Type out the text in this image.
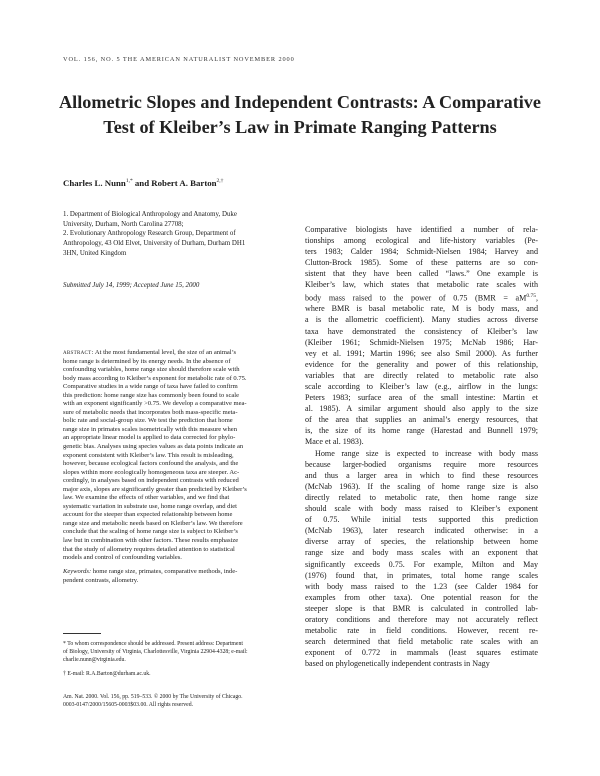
VOL. 156, NO. 5 THE AMERICAN NATURALIST NOVEMBER 2000
Allometric Slopes and Independent Contrasts: A Comparative
Test of Kleiber’s Law in Primate Ranging Patterns
Charles L. Nunn$^{1,*}$ and Robert A. Barton$^{2,\dagger}$
1. Department of Biological Anthropology and Anatomy, Duke
University, Durham, North Carolina 27708;
2. Evolutionary Anthropology Research Group, Department of
Anthropology, 43 Old Elvet, University of Durham, Durham DH1
3HN, United Kingdom
Submitted July 14, 1999; Accepted June 15, 2000
abstract: At the most fundamental level, the size of an animal’s
home range is determined by its energy needs. In the absence of
confounding variables, home range size should therefore scale with
body mass according to Kleiber’s exponent for metabolic rate of 0.75.
Comparative studies in a wide range of taxa have failed to confirm
this prediction: home range size has commonly been found to scale
with an exponent significantly >0.75. We develop a comparative mea-
sure of metabolic needs that incorporates both mass-specific meta-
bolic rate and social-group size. We test the prediction that home
range size in primates scales isometrically with this measure when
an appropriate linear model is applied to data corrected for phylo-
genetic bias. Analyses using species values as data points indicate an
exponent consistent with Kleiber’s law. This result is misleading,
however, because ecological factors confound the analysis, and the
slopes within more ecologically homogeneous taxa are steeper. Ac-
cordingly, in analyses based on independent contrasts with reduced
major axis, slopes are significantly greater than predicted by Kleiber’s
law. We examine the effects of other variables, and we find that
systematic variation in substrate use, home range overlap, and diet
account for the steeper than expected relationship between home
range size and metabolic needs based on Kleiber’s law. We therefore
conclude that the scaling of home range size is subject to Kleiber’s
law but in combination with other factors. These results emphasize
that the study of allometry requires detailed attention to statistical
models and control of confounding variables.
Keywords: home range size, primates, comparative methods, inde-
pendent contrasts, allometry.
* To whom correspondence should be addressed. Present address: Department
of Biology, University of Virginia, Charlottesville, Virginia 22904-4328; e-mail:
charlie.nunn@virginia.edu.
† E-mail: R.A.Barton@durham.ac.uk.
Am. Nat. 2000. Vol. 156, pp. 519–533. © 2000 by The University of Chicago.
0003-0147/2000/15605-0003$03.00. All rights reserved.
Comparative biologists have identified a number of rela-
tionships among ecological and life-history variables (Pe-
ters 1983; Calder 1984; Schmidt-Nielsen 1984; Harvey and
Clutton-Brock 1985). Some of these patterns are so con-
sistent that they have been called “laws.” One example is
Kleiber’s law, which states that metabolic rate scales with
body mass raised to the power of 0.75 ($BMR = aM^{0.75}$,
where BMR is basal metabolic rate, M is body mass, and
a is the allometric coefficient). Many studies across diverse
taxa have demonstrated the consistency of Kleiber’s law
(Kleiber 1961; Schmidt-Nielsen 1975; McNab 1986; Har-
vey et al. 1991; Martin 1996; see also Smil 2000). As further
evidence for the generality and power of this relationship,
variables that are directly related to metabolic rate also
scale according to Kleiber’s law (e.g., airflow in the lungs:
Peters 1983; surface area of the small intestine: Martin et
al. 1985). A similar argument should also apply to the size
of the area that supplies an animal’s energy resources, that
is, the size of its home range (Harestad and Bunnell 1979;
Mace et al. 1983).
Home range size is expected to increase with body mass
because larger-bodied organisms require more resources
and thus a larger area in which to find these resources
(McNab 1963). If the scaling of home range size is also
directly related to metabolic rate, then home range size
should scale with body mass raised to Kleiber’s exponent
of 0.75. While initial tests supported this prediction
(McNab 1963), later research indicated otherwise: in a
diverse array of species, the relationship between home
range size and body mass scales with an exponent that
significantly exceeds 0.75. For example, Milton and May
(1976) found that, in primates, total home range scales
with body mass raised to the 1.23 (see Calder 1984 for
examples from other taxa). One potential reason for the
steeper slope is that BMR is calculated in controlled lab-
oratory conditions and therefore may not accurately reflect
metabolic rate in field conditions. However, recent re-
search determined that field metabolic rate scales with an
exponent of 0.772 in mammals (least squares estimate
based on phylogenetically independent contrasts in Nagy
